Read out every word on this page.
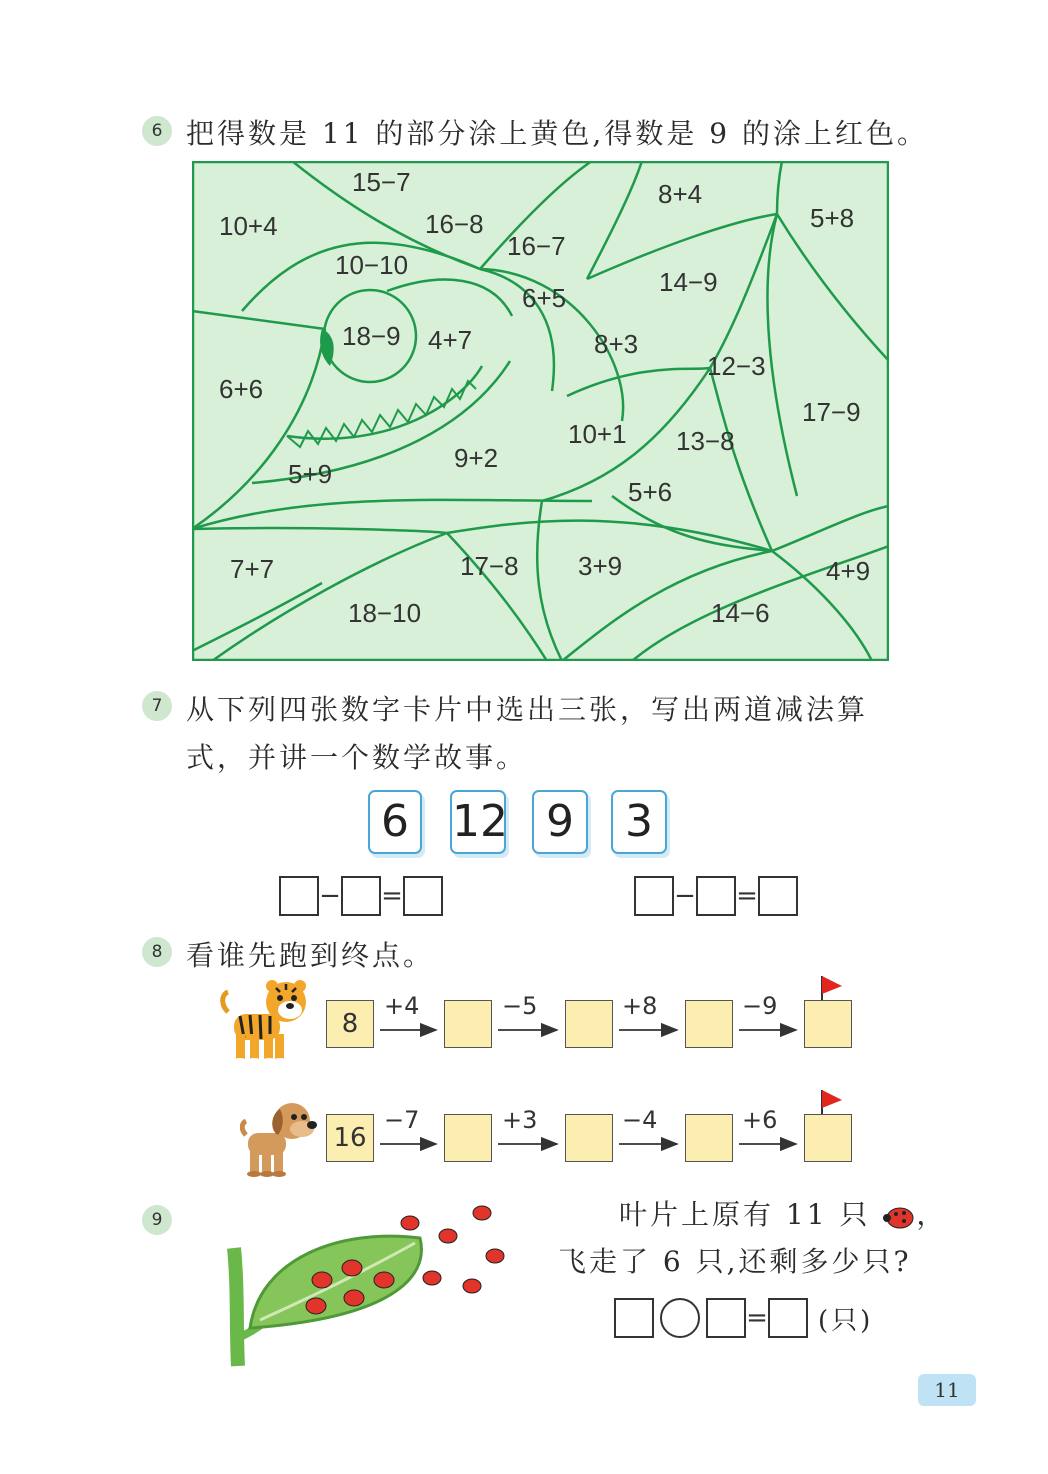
6 把得数是 11 的部分涂上黄色,得数是 9 的涂上红色。
15−7
10+4	16−8
16−7
8+4
5+8
10−10
6+5
14−9
18−9 4+7	8+3
6+6
12−3
17−9
10+1 13−8
9+2
5+9
5+6
7+7	17−8 3+9	4+9
18−10	14−6
7 从下列四张数字卡片中选出三张，写出两道减法算
式，并讲一个数学故事。
6 12 9	3
− =	− =
8 看谁先跑到终点。
8
+4	−5	+8	−9
16
−7	+3	−4	+6
9	叶片上原有 11 只 ，
飞走了 6 只,还剩多少只?
= (只)
11
